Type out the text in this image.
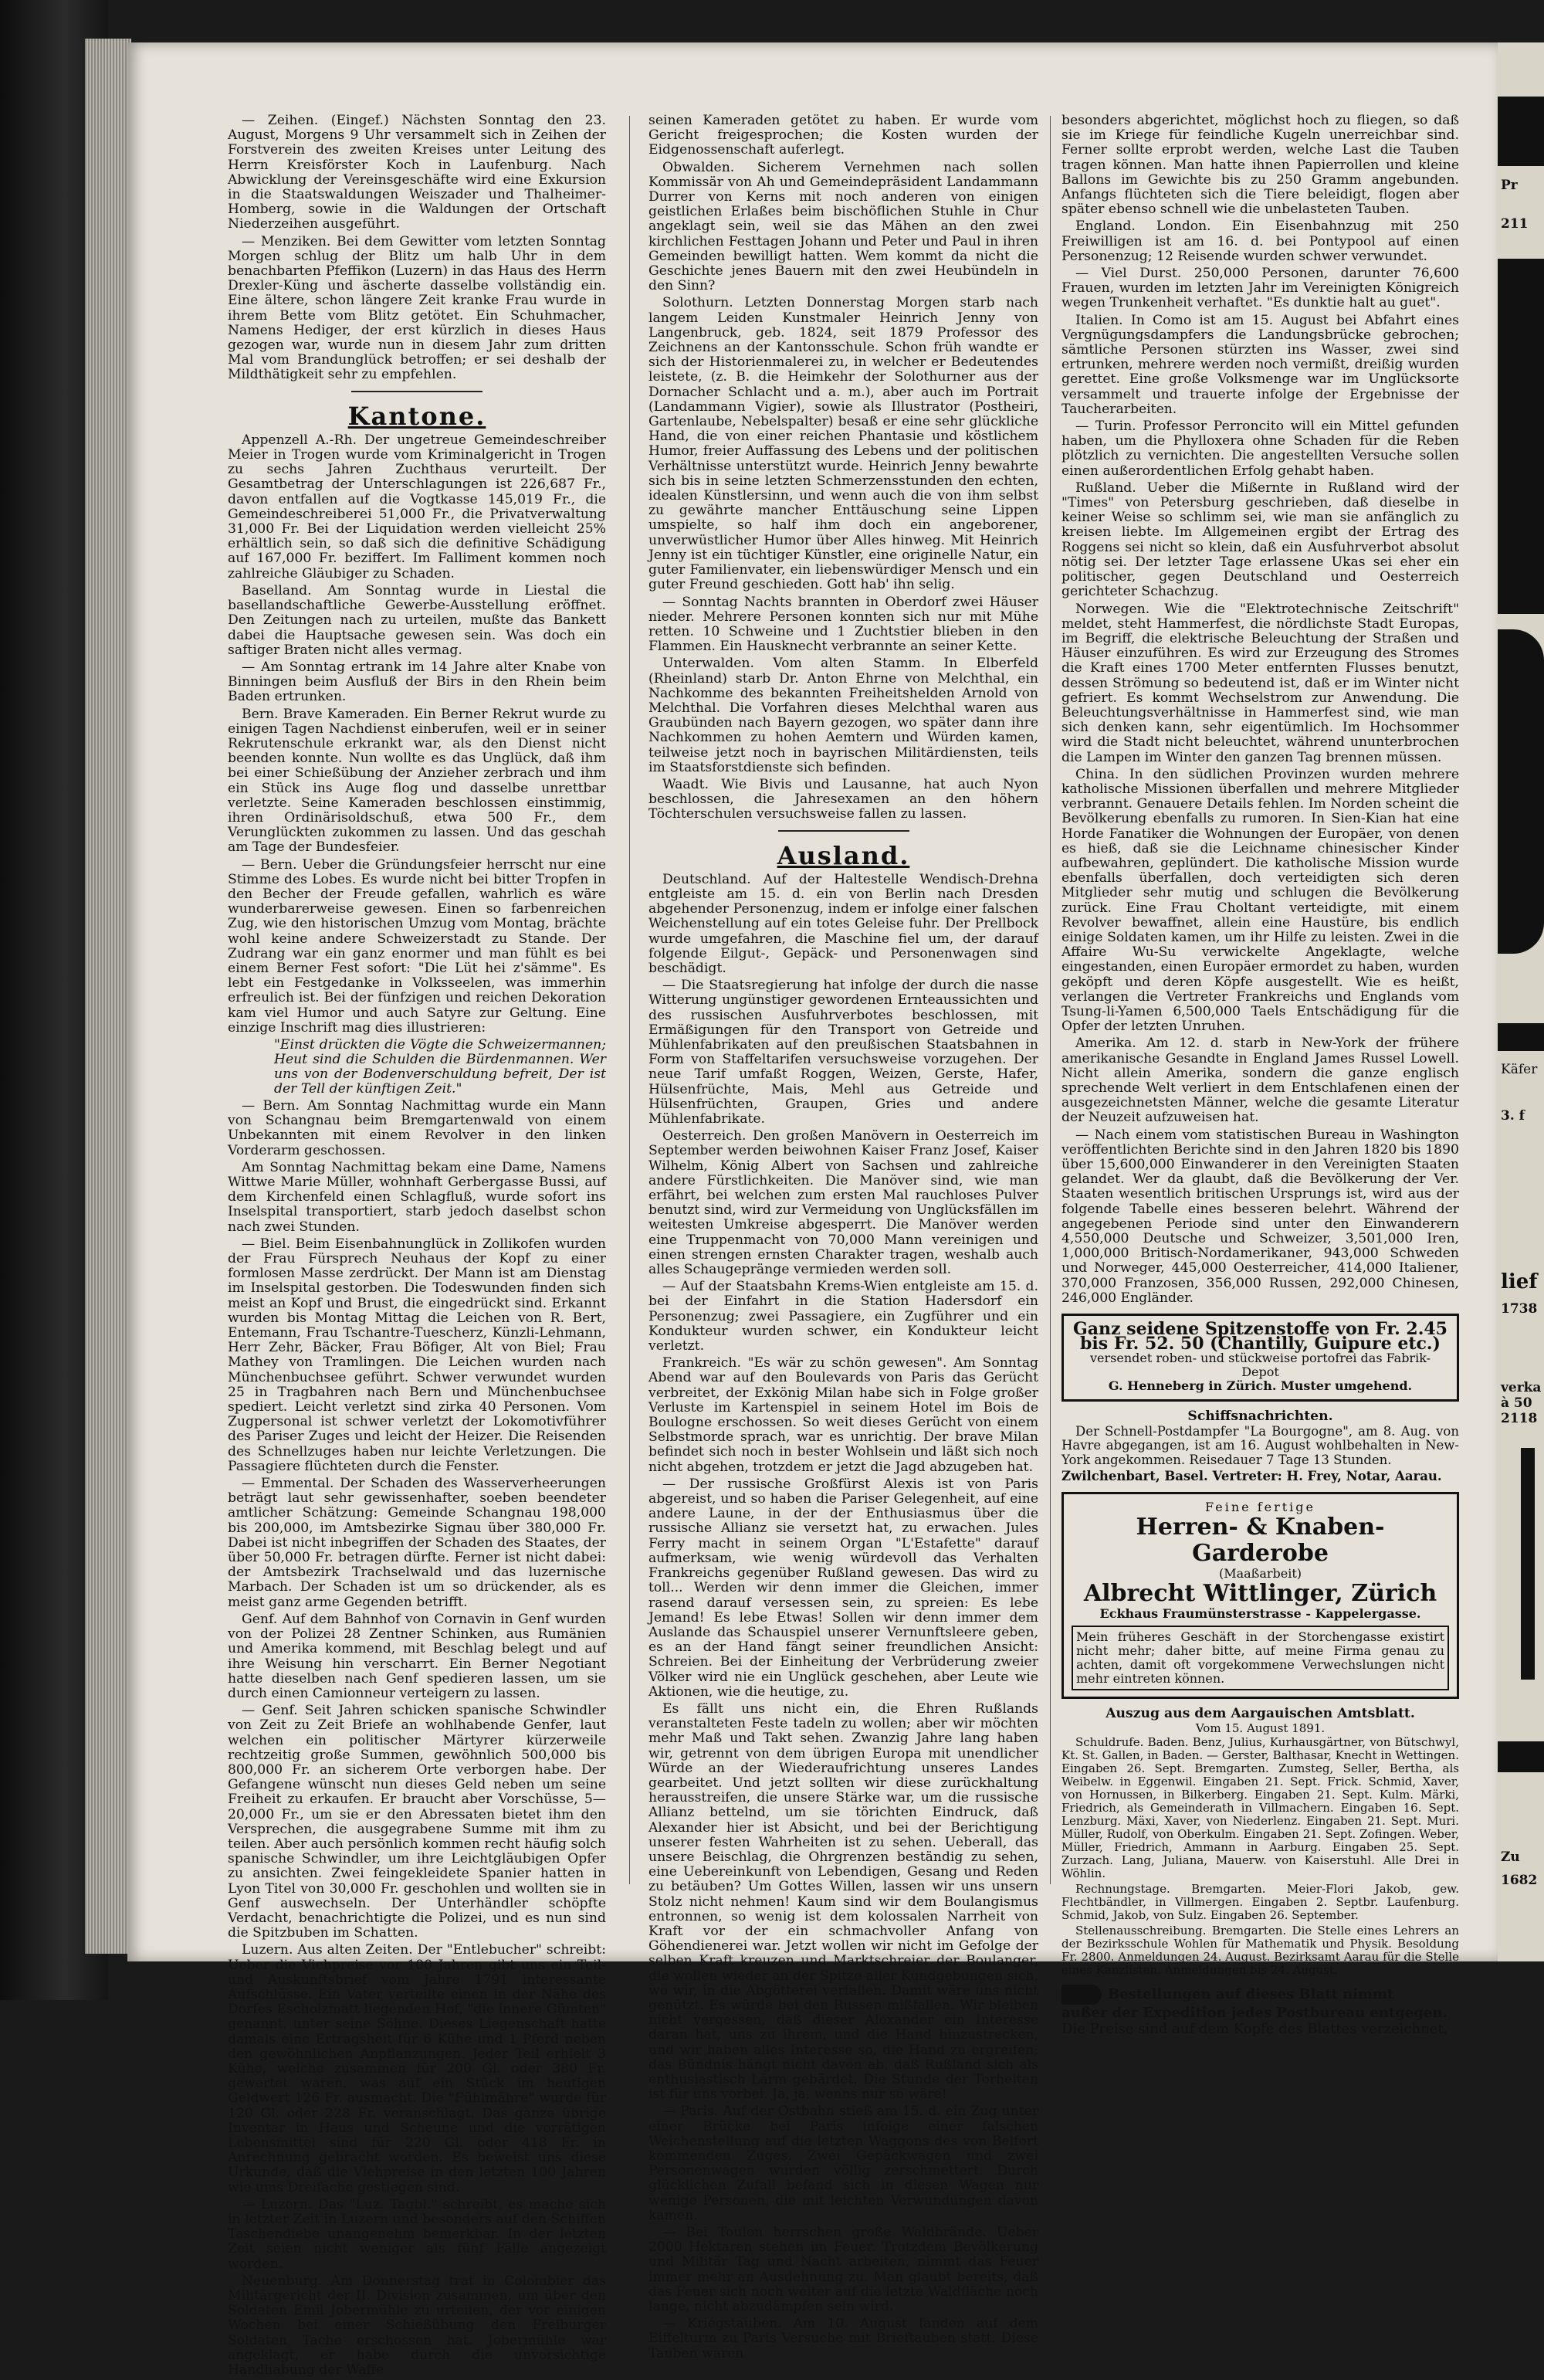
— Zeihen. (Eingef.) Nächsten Sonntag den 23. August, Morgens 9 Uhr versammelt sich in Zeihen der Forstverein des zweiten Kreises unter Leitung des Herrn Kreisförster Koch in Laufenburg. Nach Abwicklung der Vereinsgeschäfte wird eine Exkursion in die Staatswaldungen Weiszader und Thalheimer-Homberg, sowie in die Waldungen der Ortschaft Niederzeihen ausgeführt.

— Menziken. Bei dem Gewitter vom letzten Sonntag Morgen schlug der Blitz um halb Uhr in dem benachbarten Pfeffikon (Luzern) in das Haus des Herrn Drexler-Küng und äscherte dasselbe vollständig ein. Eine ältere, schon längere Zeit kranke Frau wurde in ihrem Bette vom Blitz getötet. Ein Schuhmacher, Namens Hediger, der erst kürzlich in dieses Haus gezogen war, wurde nun in diesem Jahr zum dritten Mal vom Brandunglück betroffen; er sei deshalb der Mildthätigkeit sehr zu empfehlen.

Kantone.

Appenzell A.-Rh. Der ungetreue Gemeindeschreiber Meier in Trogen wurde vom Kriminalgericht in Trogen zu sechs Jahren Zuchthaus verurteilt. Der Gesamtbetrag der Unterschlagungen ist 226,687 Fr., davon entfallen auf die Vogtkasse 145,019 Fr., die Gemeindeschreiberei 51,000 Fr., die Privatverwaltung 31,000 Fr. Bei der Liquidation werden vielleicht 25% erhältlich sein, so daß sich die definitive Schädigung auf 167,000 Fr. beziffert. Im Falliment kommen noch zahlreiche Gläubiger zu Schaden.

Baselland. Am Sonntag wurde in Liestal die basellandschaftliche Gewerbe-Ausstellung eröffnet. Den Zeitungen nach zu urteilen, mußte das Bankett dabei die Hauptsache gewesen sein. Was doch ein saftiger Braten nicht alles vermag.

— Am Sonntag ertrank im 14 Jahre alter Knabe von Binningen beim Ausfluß der Birs in den Rhein beim Baden ertrunken.

Bern. Brave Kameraden. Ein Berner Rekrut wurde zu einigen Tagen Nachdienst einberufen, weil er in seiner Rekrutenschule erkrankt war, als den Dienst nicht beenden konnte. Nun wollte es das Unglück, daß ihm bei einer Schießübung der Anzieher zerbrach und ihm ein Stück ins Auge flog und dasselbe unrettbar verletzte. Seine Kameraden beschlossen einstimmig, ihren Ordinärisoldschuß, etwa 500 Fr., dem Verunglückten zukommen zu lassen. Und das geschah am Tage der Bundesfeier.

— Bern. Ueber die Gründungsfeier herrscht nur eine Stimme des Lobes. Es wurde nicht bei bitter Tropfen in den Becher der Freude gefallen, wahrlich es wäre wunderbarerweise gewesen. Einen so farbenreichen Zug, wie den historischen Umzug vom Montag, brächte wohl keine andere Schweizerstadt zu Stande. Der Zudrang war ein ganz enormer und man fühlt es bei einem Berner Fest sofort: "Die Lüt hei z'sämme". Es lebt ein Festgedanke in Volksseelen, was immerhin erfreulich ist. Bei der fünfzigen und reichen Dekoration kam viel Humor und auch Satyre zur Geltung. Eine einzige Inschrift mag dies illustrieren:

"Einst drückten die Vögte die Schweizermannen; Heut sind die Schulden die Bürdenmannen. Wer uns von der Bodenverschuldung befreit, Der ist der Tell der künftigen Zeit."

— Bern. Am Sonntag Nachmittag wurde ein Mann von Schangnau beim Bremgartenwald von einem Unbekannten mit einem Revolver in den linken Vorderarm geschossen.

Am Sonntag Nachmittag bekam eine Dame, Namens Wittwe Marie Müller, wohnhaft Gerbergasse Bussi, auf dem Kirchenfeld einen Schlagfluß, wurde sofort ins Inselspital transportiert, starb jedoch daselbst schon nach zwei Stunden.

— Biel. Beim Eisenbahnunglück in Zollikofen wurden der Frau Fürsprech Neuhaus der Kopf zu einer formlosen Masse zerdrückt. Der Mann ist am Dienstag im Inselspital gestorben. Die Todeswunden finden sich meist an Kopf und Brust, die eingedrückt sind. Erkannt wurden bis Montag Mittag die Leichen von R. Bert, Entemann, Frau Tschantre-Tuescherz, Künzli-Lehmann, Herr Zehr, Bäcker, Frau Böfiger, Alt von Biel; Frau Mathey von Tramlingen. Die Leichen wurden nach Münchenbuchsee geführt. Schwer verwundet wurden 25 in Tragbahren nach Bern und Münchenbuchsee spediert. Leicht verletzt sind zirka 40 Personen. Vom Zugpersonal ist schwer verletzt der Lokomotivführer des Pariser Zuges und leicht der Heizer. Die Reisenden des Schnellzuges haben nur leichte Verletzungen. Die Passagiere flüchteten durch die Fenster.

— Emmental. Der Schaden des Wasserverheerungen beträgt laut sehr gewissenhafter, soeben beendeter amtlicher Schätzung: Gemeinde Schangnau 198,000 bis 200,000, im Amtsbezirke Signau über 380,000 Fr. Dabei ist nicht inbegriffen der Schaden des Staates, der über 50,000 Fr. betragen dürfte. Ferner ist nicht dabei: der Amtsbezirk Trachselwald und das luzernische Marbach. Der Schaden ist um so drückender, als es meist ganz arme Gegenden betrifft.

Genf. Auf dem Bahnhof von Cornavin in Genf wurden von der Polizei 28 Zentner Schinken, aus Rumänien und Amerika kommend, mit Beschlag belegt und auf ihre Weisung hin verscharrt. Ein Berner Negotiant hatte dieselben nach Genf spedieren lassen, um sie durch einen Camionneur verteigern zu lassen.

— Genf. Seit Jahren schicken spanische Schwindler von Zeit zu Zeit Briefe an wohlhabende Genfer, laut welchen ein politischer Märtyrer kürzerweile rechtzeitig große Summen, gewöhnlich 500,000 bis 800,000 Fr. an sicherem Orte verborgen habe. Der Gefangene wünscht nun dieses Geld neben um seine Freiheit zu erkaufen. Er braucht aber Vorschüsse, 5—20,000 Fr., um sie er den Abressaten bietet ihm den Versprechen, die ausgegrabene Summe mit ihm zu teilen. Aber auch persönlich kommen recht häufig solch spanische Schwindler, um ihre Leichtgläubigen Opfer zu ansichten. Zwei feingekleidete Spanier hatten in Lyon Titel von 30,000 Fr. geschohlen und wollten sie in Genf auswechseln. Der Unterhändler schöpfte Verdacht, benachrichtigte die Polizei, und es nun sind die Spitzbuben im Schatten.

Luzern. Aus alten Zeiten. Der "Entlebucher" schreibt: Ueber die Viehpreise vor 100 Jahren gibt uns ein Teil- und Auskunftsbrief vom Jahre 1791 interessante Aufschlüsse. Ein Vater verteilte einen in der Nähe des Dorfes Escholzmatt liegenden Hof, "die innere Gümten" genannt, unter seine Söhne. Dieses Liegenschaft hatte damals eine Ertragsheit für 6 Kühe und 1 Pferd neben den gewöhnlichen Anpflanzungen. Jeder Teil erhielt 3 Kühe, welche zusammen für 200 Gl. oder 380 Fr. gewertet waren, was auf ein Stück im heutigen Geldwert 126 Fr. ausmacht. Die "Fühlmähre" wurde für 120 Gl. oder 228 Fr. veranschlagt. Das ganze übrige Inventar in Haus und Scheune und die vorrätigen Lebensmittel sind für 220 Gl. oder 418 Fr. in Anrechnung gebracht worden. Es beweist uns diese Urkunde, daß die Viehpreise in den letzten 100 Jahren wie ums Dreifache gestiegen sind.

— Luzern. Das "Luz. Tagbl." schreibt, es mache sich in letzter Zeit in Luzern und besonders auf den Schiffen Taschendiebe unangenehm bemerkbar. In der letzten Zeit seien nicht weniger als fünf Fälle angezeigt worden.

Neuenburg. Am Donnerstag trat in Colombier das Militärgericht der II. Division zusammen, um über den Soldaten Emil Jobermühle zu urteilen, der vor einigen Wochen bei einer Schießübung den Freiburger Soldaten Tache erschossen hat. Jobermühle war angeklagt, er habe durch die unvorsichtige Handhabung der Waffe

seinen Kameraden getötet zu haben. Er wurde vom Gericht freigesprochen; die Kosten wurden der Eidgenossenschaft auferlegt.

Obwalden. Sicherem Vernehmen nach sollen Kommissär von Ah und Gemeindepräsident Landammann Durrer von Kerns mit noch anderen von einigen geistlichen Erlaßes beim bischöflichen Stuhle in Chur angeklagt sein, weil sie das Mähen an den zwei kirchlichen Festtagen Johann und Peter und Paul in ihren Gemeinden bewilligt hatten. Wem kommt da nicht die Geschichte jenes Bauern mit den zwei Heubündeln in den Sinn?

Solothurn. Letzten Donnerstag Morgen starb nach langem Leiden Kunstmaler Heinrich Jenny von Langenbruck, geb. 1824, seit 1879 Professor des Zeichnens an der Kantonsschule. Schon früh wandte er sich der Historienmalerei zu, in welcher er Bedeutendes leistete, (z. B. die Heimkehr der Solothurner aus der Dornacher Schlacht und a. m.), aber auch im Portrait (Landammann Vigier), sowie als Illustrator (Postheiri, Gartenlaube, Nebelspalter) besaß er eine sehr glückliche Hand, die von einer reichen Phantasie und köstlichem Humor, freier Auffassung des Lebens und der politischen Verhältnisse unterstützt wurde. Heinrich Jenny bewahrte sich bis in seine letzten Schmerzensstunden den echten, idealen Künstlersinn, und wenn auch die von ihm selbst zu gewährte mancher Enttäuschung seine Lippen umspielte, so half ihm doch ein angeborener, unverwüstlicher Humor über Alles hinweg. Mit Heinrich Jenny ist ein tüchtiger Künstler, eine originelle Natur, ein guter Familienvater, ein liebenswürdiger Mensch und ein guter Freund geschieden. Gott hab' ihn selig.

— Sonntag Nachts brannten in Oberdorf zwei Häuser nieder. Mehrere Personen konnten sich nur mit Mühe retten. 10 Schweine und 1 Zuchtstier blieben in den Flammen. Ein Hausknecht verbrannte an seiner Kette.

Unterwalden. Vom alten Stamm. In Elberfeld (Rheinland) starb Dr. Anton Ehrne von Melchthal, ein Nachkomme des bekannten Freiheitshelden Arnold von Melchthal. Die Vorfahren dieses Melchthal waren aus Graubünden nach Bayern gezogen, wo später dann ihre Nachkommen zu hohen Aemtern und Würden kamen, teilweise jetzt noch in bayrischen Militärdiensten, teils im Staatsforstdienste sich befinden.

Waadt. Wie Bivis und Lausanne, hat auch Nyon beschlossen, die Jahresexamen an den höhern Töchterschulen versuchsweise fallen zu lassen.

Ausland.

Deutschland. Auf der Haltestelle Wendisch-Drehna entgleiste am 15. d. ein von Berlin nach Dresden abgehender Personenzug, indem er infolge einer falschen Weichenstellung auf ein totes Geleise fuhr. Der Prellbock wurde umgefahren, die Maschine fiel um, der darauf folgende Eilgut-, Gepäck- und Personenwagen sind beschädigt.

— Die Staatsregierung hat infolge der durch die nasse Witterung ungünstiger gewordenen Ernteaussichten und des russischen Ausfuhrverbotes beschlossen, mit Ermäßigungen für den Transport von Getreide und Mühlenfabrikaten auf den preußischen Staatsbahnen in Form von Staffeltarifen versuchsweise vorzugehen. Der neue Tarif umfaßt Roggen, Weizen, Gerste, Hafer, Hülsenfrüchte, Mais, Mehl aus Getreide und Hülsenfrüchten, Graupen, Gries und andere Mühlenfabrikate.

Oesterreich. Den großen Manövern in Oesterreich im September werden beiwohnen Kaiser Franz Josef, Kaiser Wilhelm, König Albert von Sachsen und zahlreiche andere Fürstlichkeiten. Die Manöver sind, wie man erfährt, bei welchen zum ersten Mal rauchloses Pulver benutzt sind, wird zur Vermeidung von Unglücksfällen im weitesten Umkreise abgesperrt. Die Manöver werden eine Truppenmacht von 70,000 Mann vereinigen und einen strengen ernsten Charakter tragen, weshalb auch alles Schaugepränge vermieden werden soll.

— Auf der Staatsbahn Krems-Wien entgleiste am 15. d. bei der Einfahrt in die Station Hadersdorf ein Personenzug; zwei Passagiere, ein Zugführer und ein Kondukteur wurden schwer, ein Kondukteur leicht verletzt.

Frankreich. "Es wär zu schön gewesen". Am Sonntag Abend war auf den Boulevards von Paris das Gerücht verbreitet, der Exkönig Milan habe sich in Folge großer Verluste im Kartenspiel in seinem Hotel im Bois de Boulogne erschossen. So weit dieses Gerücht von einem Selbstmorde sprach, war es unrichtig. Der brave Milan befindet sich noch in bester Wohlsein und läßt sich noch nicht abgehen, trotzdem er jetzt die Jagd abzugeben hat.

— Der russische Großfürst Alexis ist von Paris abgereist, und so haben die Pariser Gelegenheit, auf eine andere Laune, in der der Enthusiasmus über die russische Allianz sie versetzt hat, zu erwachen. Jules Ferry macht in seinem Organ "L'Estafette" darauf aufmerksam, wie wenig würdevoll das Verhalten Frankreichs gegenüber Rußland gewesen. Das wird zu toll... Werden wir denn immer die Gleichen, immer rasend darauf versessen sein, zu spreien: Es lebe Jemand! Es lebe Etwas! Sollen wir denn immer dem Auslande das Schauspiel unserer Vernunftsleere geben, es an der Hand fängt seiner freundlichen Ansicht: Schreien. Bei der Einheitung der Verbrüderung zweier Völker wird nie ein Unglück geschehen, aber Leute wie Aktionen, wie die heutige, zu.

Es fällt uns nicht ein, die Ehren Rußlands veranstalteten Feste tadeln zu wollen; aber wir möchten mehr Maß und Takt sehen. Zwanzig Jahre lang haben wir, getrennt von dem übrigen Europa mit unendlicher Würde an der Wiederaufrichtung unseres Landes gearbeitet. Und jetzt sollten wir diese zurückhaltung herausstreifen, die unsere Stärke war, um die russische Allianz bettelnd, um sie törichten Eindruck, daß Alexander hier ist Absicht, und bei der Berichtigung unserer festen Wahrheiten ist zu sehen. Ueberall, das unsere Beischlag, die Ohrgrenzen beständig zu sehen, eine Uebereinkunft von Lebendigen, Gesang und Reden zu betäuben? Um Gottes Willen, lassen wir uns unsern Stolz nicht nehmen! Kaum sind wir dem Boulangismus entronnen, so wenig ist dem kolossalen Narrheit von Kraft vor der ein schmachvoller Anfang von Göhendienerei war. Jetzt wollen wir nicht im Gefolge der selben Kraft kreuzen und Marktschreier der Boulanger, die wollen wieder an der Spitze aller Kundgebungen sich, wo wir, in die Abgötterei verfallen. Damit wäre uns nicht genützt. Es würde bei den Russen mißfallen. Wir bleiben nicht vergessen, daß dieser Alexander ein Interesse daran hat, uns zu ihrem, und die Hand hinzustrecken, und wir haben alles Interesse so, die Hand zu ergreifen; das Bündnis hängt nicht davon ab, daß Rußland sich als enthusiastisch Lärm gebärdet. Die Stunde der Torheiten ist für uns vorbei. Ja, ja, wenns nur so wäre!

— Paris. Auf der Ostbahn stieß am 15. d. ein Zug unter einer Brücke bei Paris infolge einer falschen Weichenstellung auf die letzten Waggons des von Belfort kommenden Zuges. Zwei Gepäckwagen und zwei Personenwagen wurden völlig zerschmettert. Durch glücklichen Zufall befand sich in diesen Wagen nur wenige Personen, die mit leichten Verwundungen davon kamen.

— Bei Toulon herrschen große Waldbrände. Ueber 2000 Hektaren stehen im Feuer. Trotzdem Bevölkerung und Militär Tag und Nacht arbeiten, nimmt das Feuer immer mehr an Ausdehnung zu. Man glaubt bereits, daß das Feuer sich noch weiter auf die letzte Waldfläche noch lange, nicht abzudämpfen sein wird.

— Kriegstauben. Am 10. August fanden auf dem Eiffelturm zu Paris Versuche mit Brieftauben statt. Diese Tauben waren

besonders abgerichtet, möglichst hoch zu fliegen, so daß sie im Kriege für feindliche Kugeln unerreichbar sind. Ferner sollte erprobt werden, welche Last die Tauben tragen können. Man hatte ihnen Papierrollen und kleine Ballons im Gewichte bis zu 250 Gramm angebunden. Anfangs flüchteten sich die Tiere beleidigt, flogen aber später ebenso schnell wie die unbelasteten Tauben.

England. London. Ein Eisenbahnzug mit 250 Freiwilligen ist am 16. d. bei Pontypool auf einen Personenzug; 12 Reisende wurden schwer verwundet.

— Viel Durst. 250,000 Personen, darunter 76,600 Frauen, wurden im letzten Jahr im Vereinigten Königreich wegen Trunkenheit verhaftet. "Es dunktie halt au guet".

Italien. In Como ist am 15. August bei Abfahrt eines Vergnügungsdampfers die Landungsbrücke gebrochen; sämtliche Personen stürzten ins Wasser, zwei sind ertrunken, mehrere werden noch vermißt, dreißig wurden gerettet. Eine große Volksmenge war im Unglücksorte versammelt und trauerte infolge der Ergebnisse der Taucherarbeiten.

— Turin. Professor Perroncito will ein Mittel gefunden haben, um die Phylloxera ohne Schaden für die Reben plötzlich zu vernichten. Die angestellten Versuche sollen einen außerordentlichen Erfolg gehabt haben.

Rußland. Ueber die Mißernte in Rußland wird der "Times" von Petersburg geschrieben, daß dieselbe in keiner Weise so schlimm sei, wie man sie anfänglich zu kreisen liebte. Im Allgemeinen ergibt der Ertrag des Roggens sei nicht so klein, daß ein Ausfuhrverbot absolut nötig sei. Der letzter Tage erlassene Ukas sei eher ein politischer, gegen Deutschland und Oesterreich gerichteter Schachzug.

Norwegen. Wie die "Elektrotechnische Zeitschrift" meldet, steht Hammerfest, die nördlichste Stadt Europas, im Begriff, die elektrische Beleuchtung der Straßen und Häuser einzuführen. Es wird zur Erzeugung des Stromes die Kraft eines 1700 Meter entfernten Flusses benutzt, dessen Strömung so bedeutend ist, daß er im Winter nicht gefriert. Es kommt Wechselstrom zur Anwendung. Die Beleuchtungsverhältnisse in Hammerfest sind, wie man sich denken kann, sehr eigentümlich. Im Hochsommer wird die Stadt nicht beleuchtet, während ununterbrochen die Lampen im Winter den ganzen Tag brennen müssen.

China. In den südlichen Provinzen wurden mehrere katholische Missionen überfallen und mehrere Mitglieder verbrannt. Genauere Details fehlen. Im Norden scheint die Bevölkerung ebenfalls zu rumoren. In Sien-Kian hat eine Horde Fanatiker die Wohnungen der Europäer, von denen es hieß, daß sie die Leichname chinesischer Kinder aufbewahren, geplündert. Die katholische Mission wurde ebenfalls überfallen, doch verteidigten sich deren Mitglieder sehr mutig und schlugen die Bevölkerung zurück. Eine Frau Choltant verteidigte, mit einem Revolver bewaffnet, allein eine Haustüre, bis endlich einige Soldaten kamen, um ihr Hilfe zu leisten. Zwei in die Affaire Wu-Su verwickelte Angeklagte, welche eingestanden, einen Europäer ermordet zu haben, wurden geköpft und deren Köpfe ausgestellt. Wie es heißt, verlangen die Vertreter Frankreichs und Englands vom Tsung-li-Yamen 6,500,000 Taels Entschädigung für die Opfer der letzten Unruhen.

Amerika. Am 12. d. starb in New-York der frühere amerikanische Gesandte in England James Russel Lowell. Nicht allein Amerika, sondern die ganze englisch sprechende Welt verliert in dem Entschlafenen einen der ausgezeichnetsten Männer, welche die gesamte Literatur der Neuzeit aufzuweisen hat.

— Nach einem vom statistischen Bureau in Washington veröffentlichten Berichte sind in den Jahren 1820 bis 1890 über 15,600,000 Einwanderer in den Vereinigten Staaten gelandet. Wer da glaubt, daß die Bevölkerung der Ver. Staaten wesentlich britischen Ursprungs ist, wird aus der folgende Tabelle eines besseren belehrt. Während der angegebenen Periode sind unter den Einwanderern 4,550,000 Deutsche und Schweizer, 3,501,000 Iren, 1,000,000 Britisch-Nordamerikaner, 943,000 Schweden und Norweger, 445,000 Oesterreicher, 414,000 Italiener, 370,000 Franzosen, 356,000 Russen, 292,000 Chinesen, 246,000 Engländer.

Ganz seidene Spitzenstoffe von Fr. 2.45
bis Fr. 52. 50 (Chantilly, Guipure etc.)
versendet roben- und stückweise portofrei das Fabrik-Depot
G. Henneberg in Zürich. Muster umgehend.
Schiffsnachrichten.

Der Schnell-Postdampfer "La Bourgogne", am 8. Aug. von Havre abgegangen, ist am 16. August wohlbehalten in New-York angekommen. Reisedauer 7 Tage 13 Stunden.

Zwilchenbart, Basel. Vertreter: H. Frey, Notar, Aarau.

Feine fertige
Herren- & Knaben-Garderobe
(Maaßarbeit)
Albrecht Wittlinger, Zürich
Eckhaus Fraumünsterstrasse - Kappelergasse.
Mein früheres Geschäft in der Storchengasse existirt nicht mehr; daher bitte, auf meine Firma genau zu achten, damit oft vorgekommene Verwechslungen nicht mehr eintreten können.
Auszug aus dem Aargauischen Amtsblatt.
Vom 15. August 1891.

Schuldrufe. Baden. Benz, Julius, Kurhausgärtner, von Bütschwyl, Kt. St. Gallen, in Baden. — Gerster, Balthasar, Knecht in Wettingen. Eingaben 26. Sept. Bremgarten. Zumsteg, Seller, Bertha, als Weibelw. in Eggenwil. Eingaben 21. Sept. Frick. Schmid, Xaver, von Hornussen, in Bilkerberg. Eingaben 21. Sept. Kulm. Märki, Friedrich, als Gemeinderath in Villmachern. Eingaben 16. Sept. Lenzburg. Mäxi, Xaver, von Niederlenz. Eingaben 21. Sept. Muri. Müller, Rudolf, von Oberkulm. Eingaben 21. Sept. Zofingen. Weber, Müller, Friedrich, Ammann in Aarburg. Eingaben 25. Sept. Zurzach. Lang, Juliana, Mauerw. von Kaiserstuhl. Alle Drei in Wöhlin.

Rechnungstage. Bremgarten. Meier-Flori Jakob, gew. Flechtbändler, in Villmergen. Eingaben 2. Septbr. Laufenburg. Schmid, Jakob, von Sulz. Eingaben 26. September.

Stellenausschreibung. Bremgarten. Die Stelle eines Lehrers an der Bezirksschule Wohlen für Mathematik und Physik. Besoldung Fr. 2800. Anmeldungen 24. August. Bezirksamt Aarau für die Stelle eines Kanzlisten. Anmeldungen bis 24. August.

Bestellungen auf dieses Blatt nimmt
außer der Expedition jedes Postbureau entgegen.
Die Preise sind auf dem Kopfe des Blattes verzeichnet.
Pr
211
Käfer
3. f
lief
1738
verka
à 50
2118
Zu
1682
